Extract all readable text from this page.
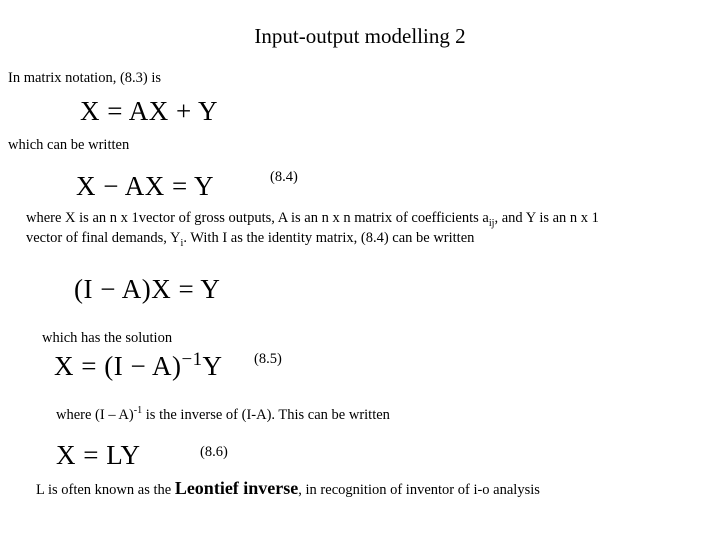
Input-output modelling 2
In matrix notation, (8.3) is
X = AX + Y
which can be written
X − AX = Y	(8.4)
where X is an n x 1vector of gross outputs, A is an n x n matrix of coefficients $a_{ij}$, and Y is an n x 1
vector of final demands, $Y_i$. With I as the identity matrix, (8.4) can be written
(I − A)X = Y
which has the solution
$X = (I - A)^{-1}Y$ (8.5)
where (I – A)$^{-1}$ is the inverse of (I-A). This can be written
(8.6)
X = LY
L is often known as the Leontief inverse, in recognition of inventor of i-o analysis
